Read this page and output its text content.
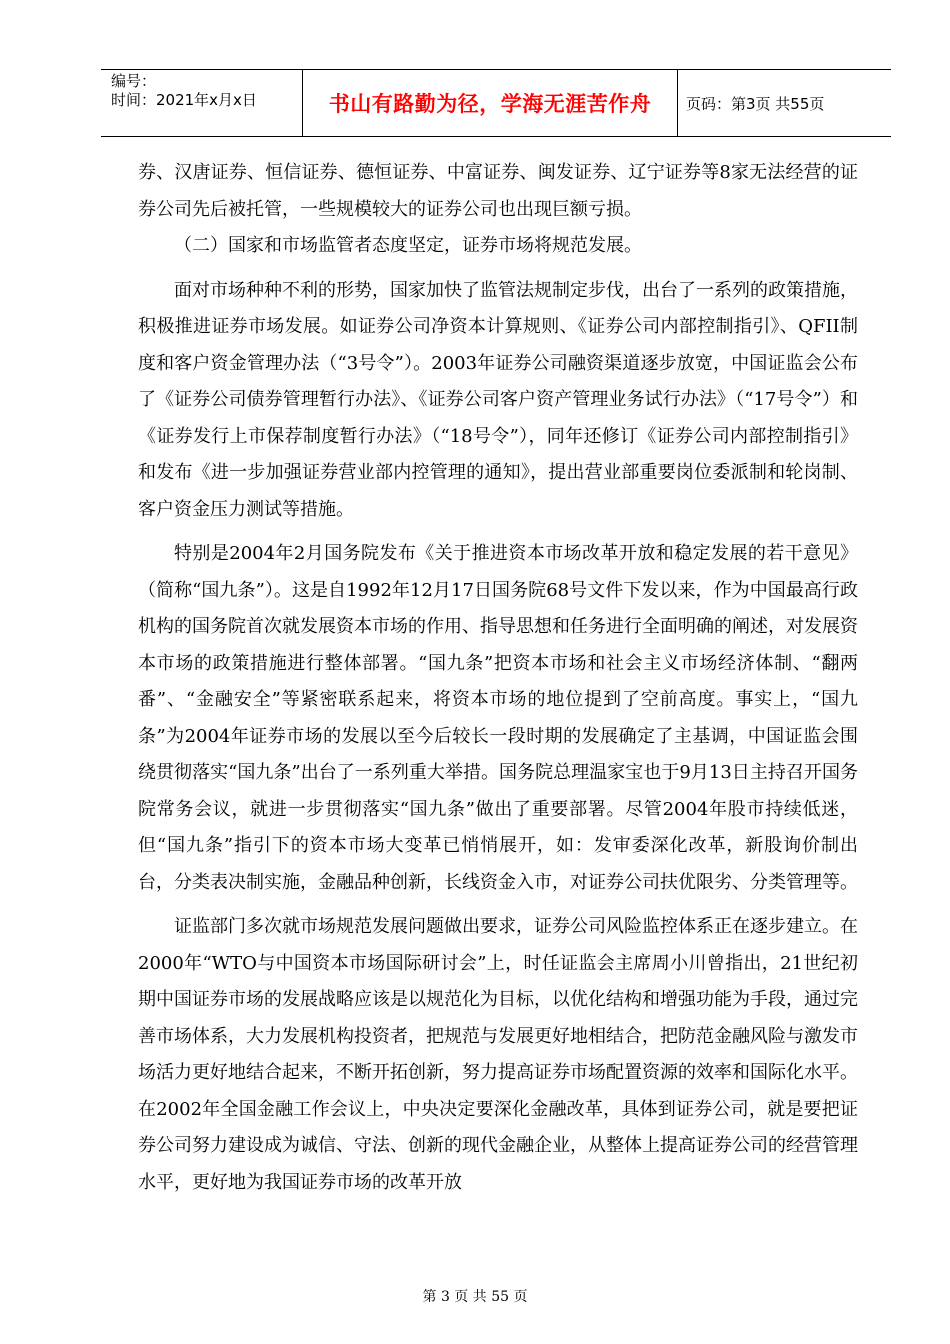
编号：
时间：2021年x月x日	书山有路勤为径，学海无涯苦作舟 页码：第3页 共55页

券、汉唐证券、恒信证券、德恒证券、中富证券、闽发证券、辽宁证券等8家无法经营的证券公司先后被托管，一些规模较大的证券公司也出现巨额亏损。

（二）国家和市场监管者态度坚定，证券市场将规范发展。

面对市场种种不利的形势，国家加快了监管法规制定步伐，出台了一系列的政策措施，积极推进证券市场发展。如证券公司净资本计算规则、《证券公司内部控制指引》、QFII制度和客户资金管理办法（“3号令”）。2003年证券公司融资渠道逐步放宽，中国证监会公布了《证券公司债券管理暂行办法》、《证券公司客户资产管理业务试行办法》（“17号令”）和《证券发行上市保荐制度暂行办法》（“18号令”），同年还修订《证券公司内部控制指引》和发布《进一步加强证券营业部内控管理的通知》，提出营业部重要岗位委派制和轮岗制、客户资金压力测试等措施。

特别是2004年2月国务院发布《关于推进资本市场改革开放和稳定发展的若干意见》（简称“国九条”）。这是自1992年12月17日国务院68号文件下发以来，作为中国最高行政机构的国务院首次就发展资本市场的作用、指导思想和任务进行全面明确的阐述，对发展资本市场的政策措施进行整体部署。“国九条”把资本市场和社会主义市场经济体制、“翻两番”、“金融安全”等紧密联系起来，将资本市场的地位提到了空前高度。事实上，“国九条”为2004年证券市场的发展以至今后较长一段时期的发展确定了主基调，中国证监会围绕贯彻落实“国九条”出台了一系列重大举措。国务院总理温家宝也于9月13日主持召开国务院常务会议，就进一步贯彻落实“国九条”做出了重要部署。尽管2004年股市持续低迷，但“国九条”指引下的资本市场大变革已悄悄展开，如：发审委深化改革，新股询价制出台，分类表决制实施，金融品种创新，长线资金入市，对证券公司扶优限劣、分类管理等。

证监部门多次就市场规范发展问题做出要求，证券公司风险监控体系正在逐步建立。在2000年“WTO与中国资本市场国际研讨会”上，时任证监会主席周小川曾指出，21世纪初期中国证券市场的发展战略应该是以规范化为目标，以优化结构和增强功能为手段，通过完善市场体系，大力发展机构投资者，把规范与发展更好地相结合，把防范金融风险与激发市场活力更好地结合起来，不断开拓创新，努力提高证券市场配置资源的效率和国际化水平。在2002年全国金融工作会议上，中央决定要深化金融改革，具体到证券公司，就是要把证券公司努力建设成为诚信、守法、创新的现代金融企业，从整体上提高证券公司的经营管理水平，更好地为我国证券市场的改革开放

第 3 页 共 55 页
